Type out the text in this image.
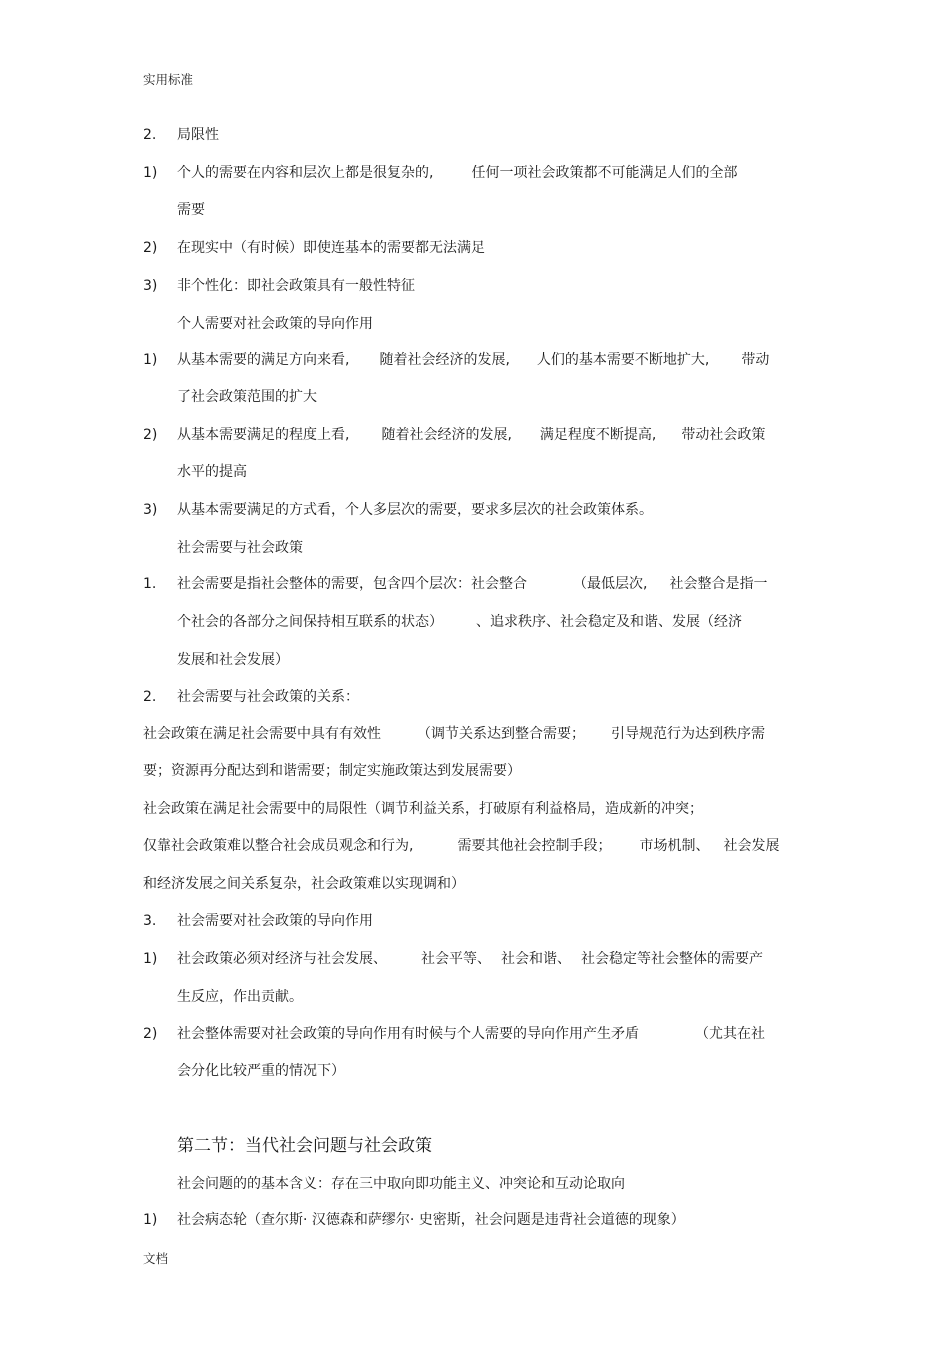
实用标准
2. 局限性
1) 个人的需要在内容和层次上都是很复杂的,	任何一项社会政策都不可能满足人们的全部
需要
2) 在现实中（有时候）即使连基本的需要都无法满足
3) 非个性化：即社会政策具有一般性特征
个人需要对社会政策的导向作用
1) 从基本需要的满足方向来看, 随着社会经济的发展, 人们的基本需要不断地扩大, 带动
了社会政策范围的扩大
2) 从基本需要满足的程度上看, 随着社会经济的发展, 满足程度不断提高, 带动社会政策
水平的提高
3) 从基本需要满足的方式看，个人多层次的需要，要求多层次的社会政策体系。
社会需要与社会政策
1. 社会需要是指社会整体的需要，包含四个层次：社会整合	（最低层次, 社会整合是指一
个社会的各部分之间保持相互联系的状态） 、追求秩序、社会稳定及和谐、发展（经济
发展和社会发展）
2. 社会需要与社会政策的关系：
社会政策在满足社会需要中具有有效性	（调节关系达到整合需要； 引导规范行为达到秩序需
要；资源再分配达到和谐需要；制定实施政策达到发展需要）
社会政策在满足社会需要中的局限性（调节利益关系，打破原有利益格局，造成新的冲突；
仅靠社会政策难以整合社会成员观念和行为,	需要其他社会控制手段； 市场机制、 社会发展
和经济发展之间关系复杂，社会政策难以实现调和）
3. 社会需要对社会政策的导向作用
1) 社会政策必须对经济与社会发展、 社会平等、 社会和谐、 社会稳定等社会整体的需要产
生反应，作出贡献。
2) 社会整体需要对社会政策的导向作用有时候与个人需要的导向作用产生矛盾	（尤其在社
会分化比较严重的情况下）
第二节：当代社会问题与社会政策
社会问题的的基本含义：存在三中取向即功能主义、冲突论和互动论取向
1) 社会病态轮（查尔斯· 汉德森和萨缪尔· 史密斯，社会问题是违背社会道德的现象）
文档
